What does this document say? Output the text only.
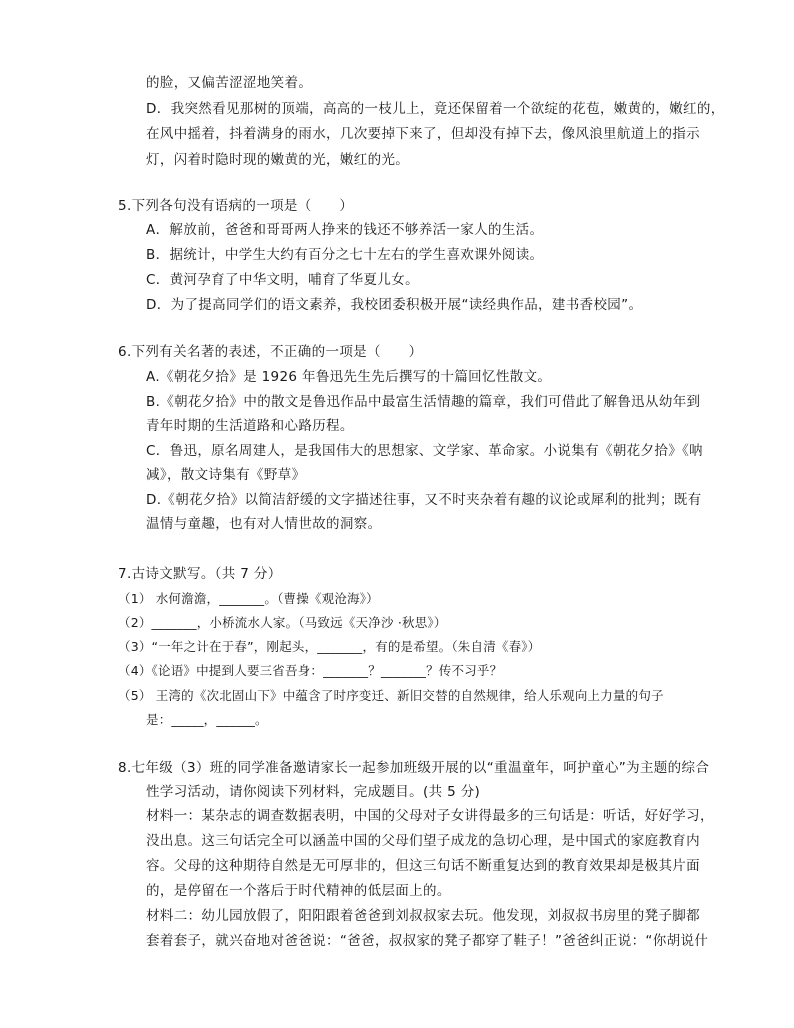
的脸，又偏苦涩涩地笑着。
D．我突然看见那树的顶端，高高的一枝儿上，竟还保留着一个欲绽的花苞，嫩黄的，嫩红的，
在风中摇着，抖着满身的雨水，几次要掉下来了，但却没有掉下去，像风浪里航道上的指示
灯，闪着时隐时现的嫩黄的光，嫩红的光。
5.下列各句没有语病的一项是（　　）
A．解放前，爸爸和哥哥两人挣来的钱还不够养活一家人的生活。
B．据统计，中学生大约有百分之七十左右的学生喜欢课外阅读。
C．黄河孕育了中华文明，哺育了华夏儿女。
D．为了提高同学们的语文素养，我校团委积极开展“读经典作品，建书香校园”。
6.下列有关名著的表述，不正确的一项是（　　）
A.《朝花夕拾》是 1926 年鲁迅先生先后撰写的十篇回忆性散文。
B.《朝花夕拾》中的散文是鲁迅作品中最富生活情趣的篇章，我们可借此了解鲁迅从幼年到
青年时期的生活道路和心路历程。
C．鲁迅，原名周建人，是我国伟大的思想家、文学家、革命家。小说集有《朝花夕拾》《呐
减》，散文诗集有《野草》
D.《朝花夕拾》以简洁舒缓的文字描述往事，又不时夹杂着有趣的议论或犀利的批判；既有
温情与童趣，也有对人情世故的洞察。
7.古诗文默写。（共 7 分）
（1） 水何澹澹，_______。（曹操《观沧海》）
（2）_______，小桥流水人家。（马致远《天净沙 ·秋思》）
（3）“一年之计在于春”，刚起头，_______，有的是希望。（朱自清《春》）
（4）《论语》中提到人要三省吾身：_______？_______？传不习乎？
（5） 王湾的《次北固山下》中蕴含了时序变迁、新旧交替的自然规律，给人乐观向上力量的句子
是：_____，______。
8.七年级（3）班的同学准备邀请家长一起参加班级开展的以“重温童年，呵护童心”为主题的综合
性学习活动，请你阅读下列材料，完成题目。(共 5 分)
材料一：某杂志的调查数据表明，中国的父母对子女讲得最多的三句话是：听话，好好学习，
没出息。这三句话完全可以涵盖中国的父母们望子成龙的急切心理，是中国式的家庭教育内
容。父母的这种期待自然是无可厚非的，但这三句话不断重复达到的教育效果却是极其片面
的，是停留在一个落后于时代精神的低层面上的。
材料二：幼儿园放假了，阳阳跟着爸爸到刘叔叔家去玩。他发现，刘叔叔书房里的凳子脚都
套着套子，就兴奋地对爸爸说：“爸爸，叔叔家的凳子都穿了鞋子！”爸爸纠正说：“你胡说什
